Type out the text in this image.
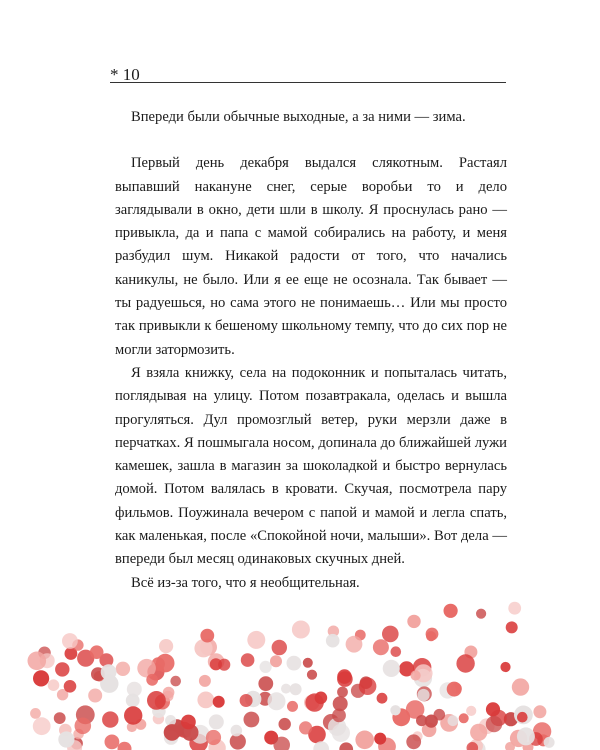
* 10

Впереди были обычные выходные, а за ними — зима.

Первый день декабря выдался слякотным. Растаял выпавший накануне снег, серые воробьи то и дело заглядывали в окно, дети шли в школу. Я проснулась рано — привыкла, да и папа с мамой собирались на работу, и меня разбудил шум. Никакой радости от того, что начались каникулы, не было. Или я ее еще не осознала. Так бывает — ты радуешься, но сама этого не понимаешь… Или мы просто так привыкли к бешеному школьному темпу, что до сих пор не могли затормозить.

Я взяла книжку, села на подоконник и попыталась читать, поглядывая на улицу. Потом позавтракала, оделась и вышла прогуляться. Дул промозглый ветер, руки мерзли даже в перчатках. Я пошмыгала носом, допинала до ближайшей лужи камешек, зашла в магазин за шоколадкой и быстро вернулась домой. Потом валялась в кровати. Скучая, посмотрела пару фильмов. Поужинала вечером с папой и мамой и легла спать, как маленькая, после «Спокойной ночи, малыши». Вот дела — впереди был месяц одинаковых скучных дней.

Всё из-за того, что я необщительная.
